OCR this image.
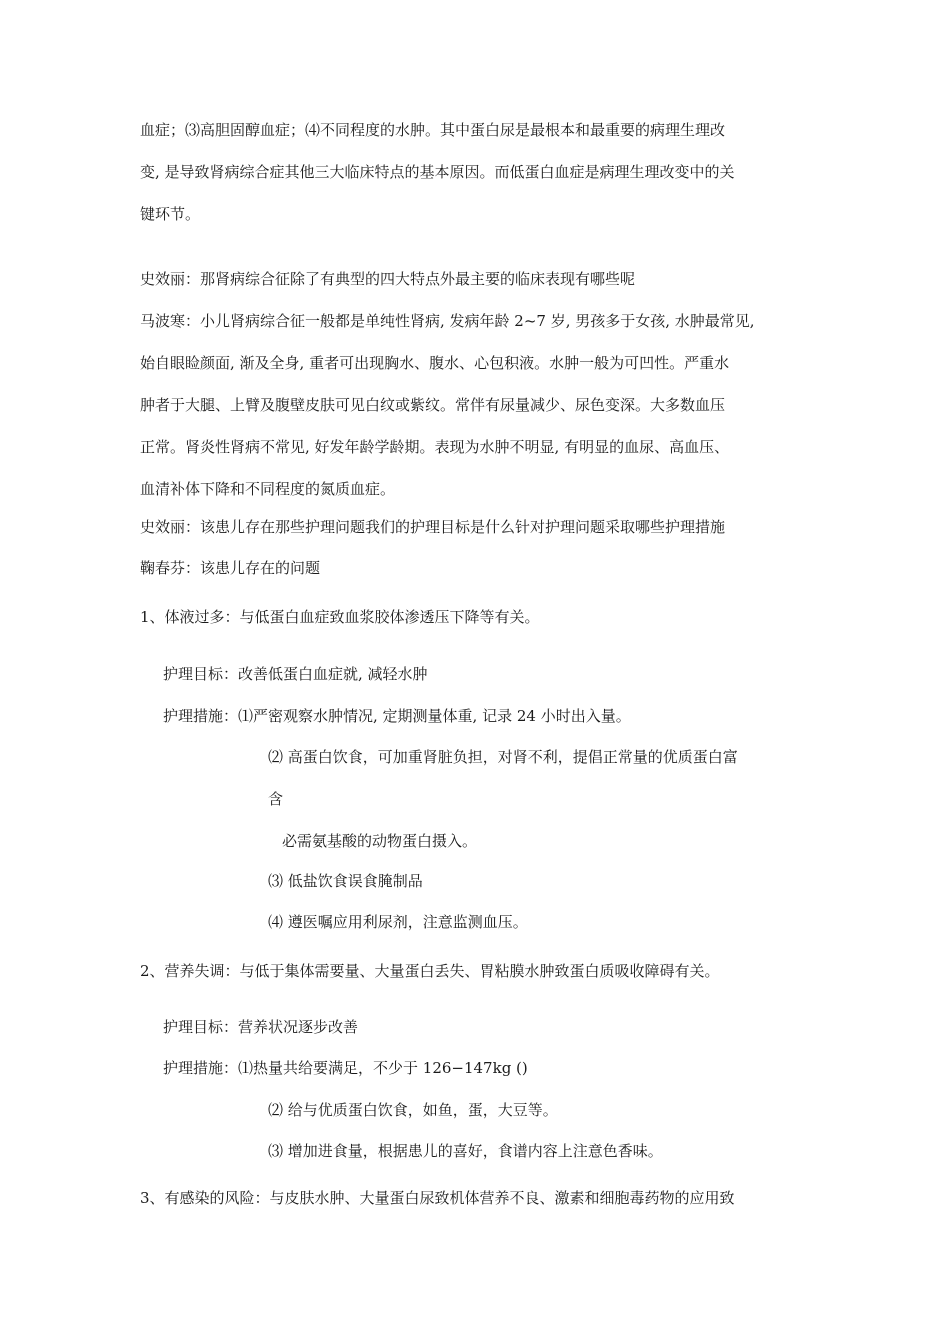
血症；⑶高胆固醇血症；⑷不同程度的水肿。其中蛋白尿是最根本和最重要的病理生理改
变, 是导致肾病综合症其他三大临床特点的基本原因。而低蛋白血症是病理生理改变中的关
键环节。
史效丽：那肾病综合征除了有典型的四大特点外最主要的临床表现有哪些呢
马波寒：小儿肾病综合征一般都是单纯性肾病, 发病年龄 2~7 岁, 男孩多于女孩, 水肿最常见,
始自眼睑颜面, 渐及全身, 重者可出现胸水、腹水、心包积液。水肿一般为可凹性。严重水
肿者于大腿、上臂及腹壁皮肤可见白纹或紫纹。常伴有尿量减少、尿色变深。大多数血压
正常。肾炎性肾病不常见, 好发年龄学龄期。表现为水肿不明显, 有明显的血尿、高血压、
血清补体下降和不同程度的氮质血症。
史效丽：该患儿存在那些护理问题我们的护理目标是什么针对护理问题采取哪些护理措施
鞠春芬：该患儿存在的问题
1、体液过多：与低蛋白血症致血浆胶体渗透压下降等有关。
护理目标：改善低蛋白血症就, 减轻水肿
护理措施：⑴严密观察水肿情况, 定期测量体重, 记录 24 小时出入量。
⑵ 高蛋白饮食，可加重肾脏负担，对肾不利，提倡正常量的优质蛋白富
含
必需氨基酸的动物蛋白摄入。
⑶ 低盐饮食误食腌制品
⑷ 遵医嘱应用利尿剂，注意监测血压。
2、营养失调：与低于集体需要量、大量蛋白丢失、胃粘膜水肿致蛋白质吸收障碍有关。
护理目标：营养状况逐步改善
护理措施：⑴热量共给要满足，不少于 126−147kg ()
⑵ 给与优质蛋白饮食，如鱼，蛋，大豆等。
⑶ 增加进食量，根据患儿的喜好，食谱内容上注意色香味。
3、有感染的风险：与皮肤水肿、大量蛋白尿致机体营养不良、激素和细胞毒药物的应用致
